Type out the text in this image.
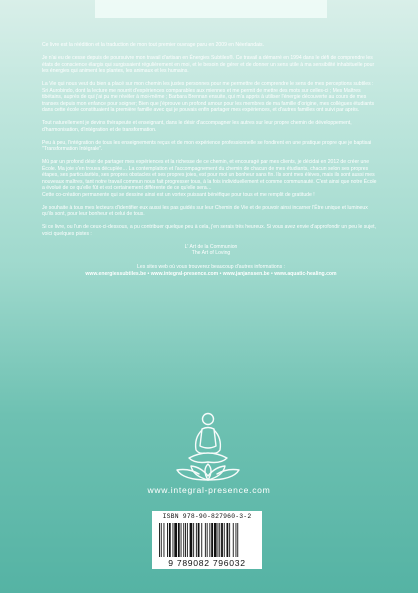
Ce livre est la réédition et la traduction de mon tout premier ouvrage paru en 2009 en Néerlandais.

Je n'ai eu de cesse depuis de poursuivre mon travail d'artisan en Énergies Subtiles®. Ce travail a démarré en 1994 dans le défi de comprendre les états de conscience élargis qui surgissaient régulièrement en moi, et le besoin de gérer et de donner un sens utile à ma sensibilité inhabituelle pour les énergies qui animent les plantes, les animaux et les humains.

La Vie qui nous veut du bien a placé sur mon chemin les justes personnes pour me permettre de comprendre le sens de mes perceptions subtiles : Sri Aurobindo, dont la lecture me nourrit d'expériences comparables aux miennes et me permit de mettre des mots sur celles-ci ; Mes Maîtres tibétains, auprès de qui j'ai pu me révéler à moi-même ; Barbara Brennan ensuite, qui m'a appris à utiliser l'énergie découverte au cours de mes transes depuis mon enfance pour soigner; Bien que j'éprouve un profond amour pour les membres de ma famille d'origine, mes collègues étudiants dans cette école constituaient la première famille avec qui je pouvais enfin partager mes expériences, et d'autres familles ont suivi par après.

Tout naturellement je devins thérapeute et enseignant, dans le désir d'accompagner les autres sur leur propre chemin de développement, d'harmonisation, d'intégration et de transformation.

Peu à peu, l'intégration de tous les enseignements reçus et de mon expérience professionnelle se fondirent en une pratique propre que je baptisai "Transformation Intégrale".

Mû par un profond désir de partager mes expériences et la richesse de ce chemin, et encouragé par mes clients, je décidai en 2012 de créer une École. Ma joie s'en trouva décuplée… La contemplation et l'accompagnement du chemin de chacun de mes étudiants, chacun selon ses propres étapes, ses particularités, ses propres obstacles et ses propres joies, est pour moi un bonheur sans fin. Ils sont mes élèves, mais ils sont aussi mes nouveaux maîtres, tant notre travail commun nous fait progresser tous, à la fois individuellement et comme communauté. C'est ainsi que notre École a évolué de ce qu'elle fût et est certainement différente de ce qu'elle sera…
Cette co-création permanente qui se dessine ainsi est un vortex puissant bénéfique pour tous et me remplit de gratitude !

Je souhaite à tous mes lecteurs d'identifier eux aussi les pas guidés sur leur Chemin de Vie et de pouvoir ainsi incarner l'Être unique et lumineux qu'ils sont, pour leur bonheur et celui de tous.

Si ce livre, ou l'un de ceux-ci-dessous, a pu contribuer quelque peu à cela, j'en serais très heureux. Si vous avez envie d'approfondir un peu le sujet, voici quelques pistes :

L' Art de la Communion
The Art of Loving
Les sites web où vous trouverez beaucoup d'autres informations :
www.energiessubtiles.be • www.integral-presence.com • www.janjanssen.be • www.aquatic-healing.com
www.integral-presence.com
ISBN 978-90-827960-3-2
9 789082 796032
